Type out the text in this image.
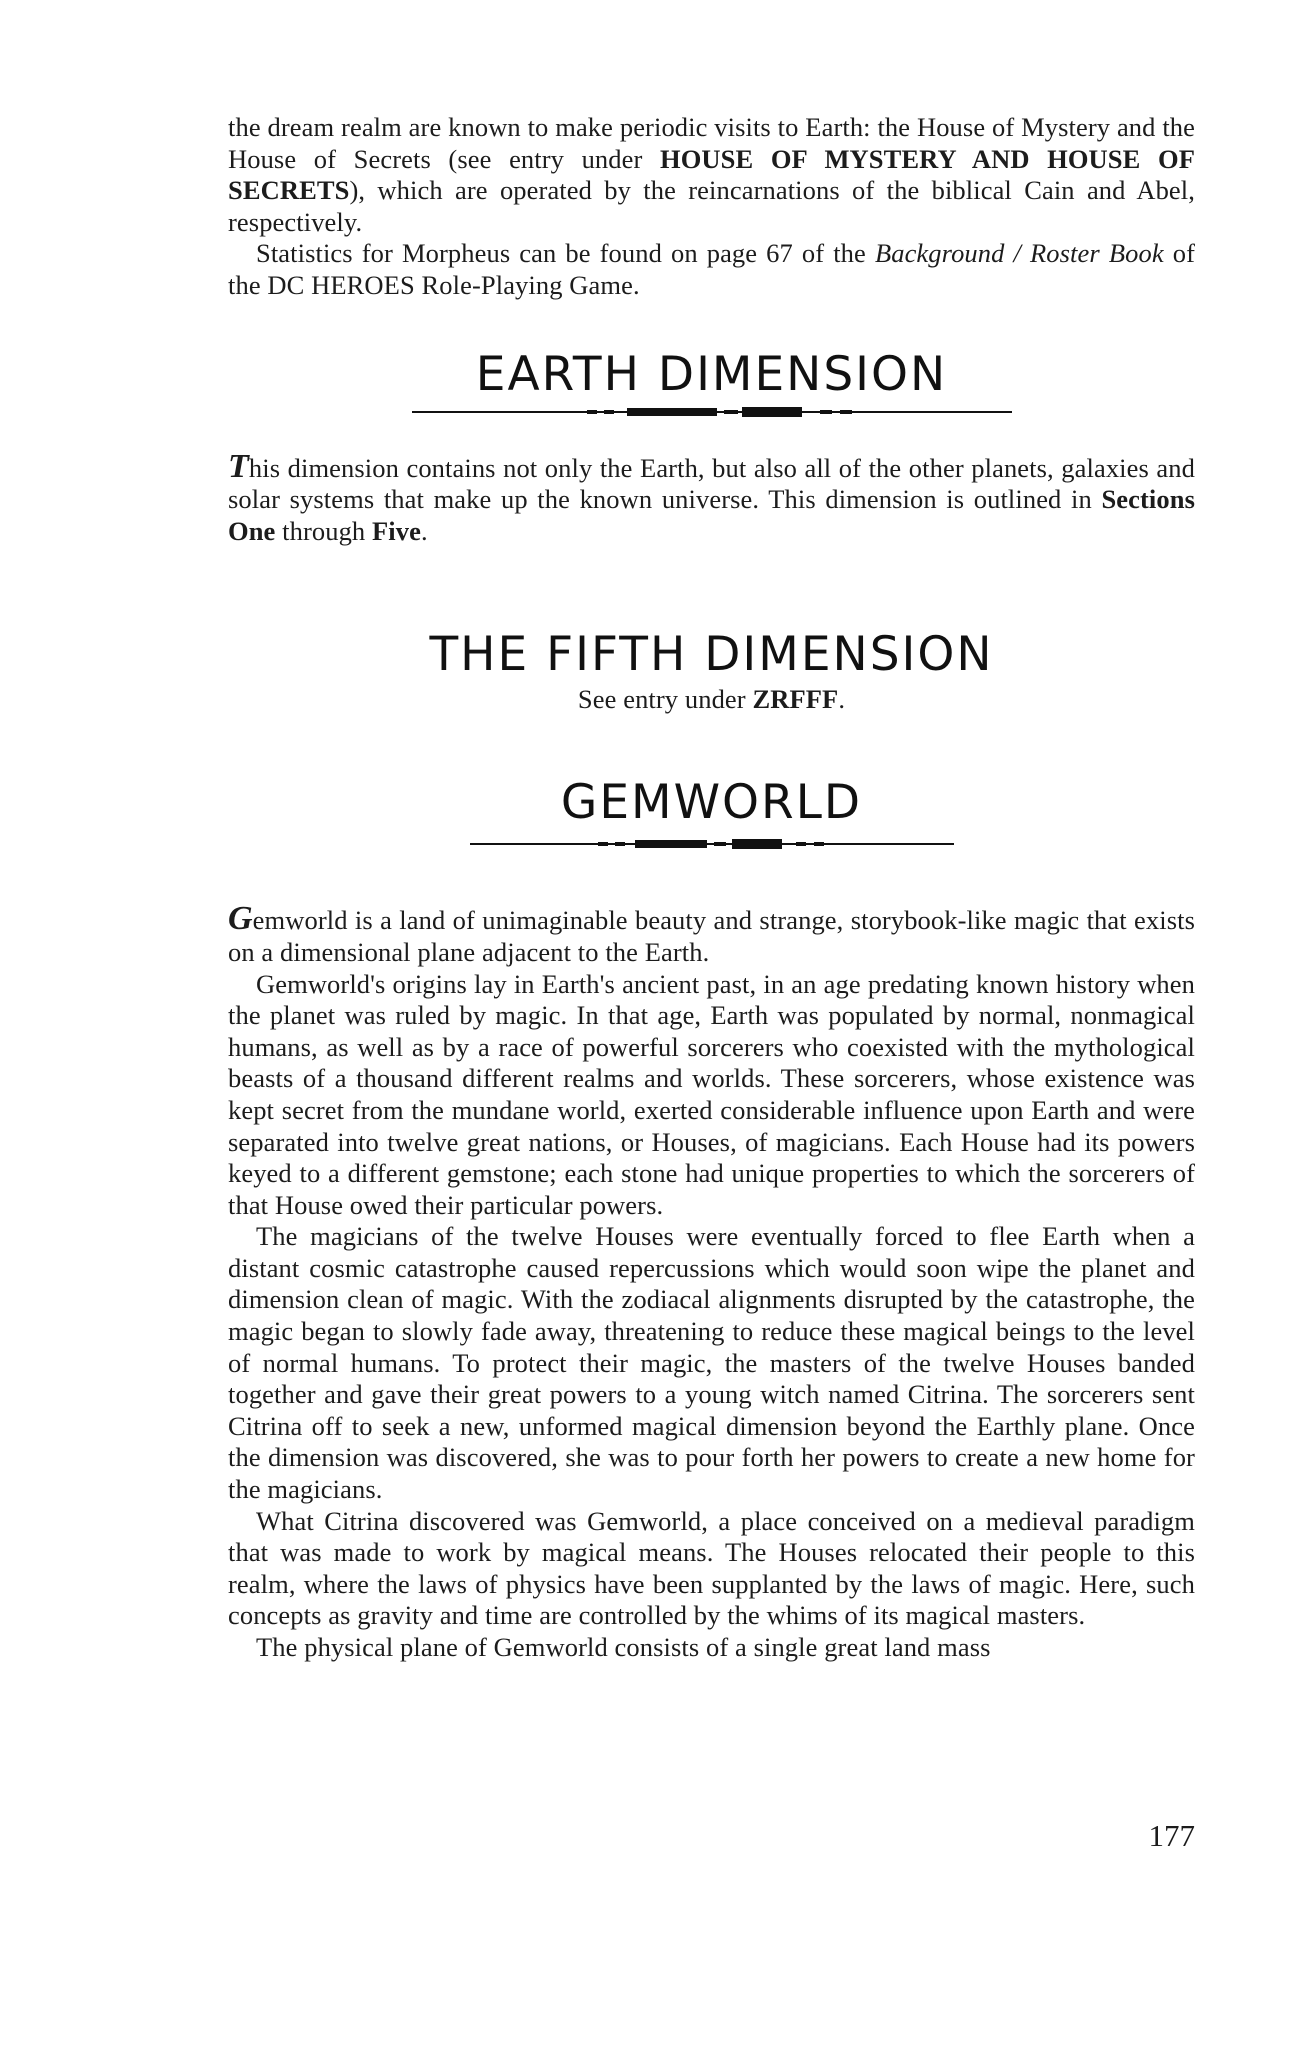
the dream realm are known to make periodic visits to Earth: the House of Mystery and the House of Secrets (see entry under HOUSE OF MYSTERY AND HOUSE OF SECRETS), which are operated by the reincarnations of the biblical Cain and Abel, respectively.

Statistics for Morpheus can be found on page 67 of the Background / Roster Book of the DC HEROES Role-Playing Game.

EARTH DIMENSION

This dimension contains not only the Earth, but also all of the other planets, galaxies and solar systems that make up the known universe. This dimension is outlined in Sections One through Five.

THE FIFTH DIMENSION

See entry under ZRFFF.

GEMWORLD

Gemworld is a land of unimaginable beauty and strange, storybook-like magic that exists on a dimensional plane adjacent to the Earth.

Gemworld's origins lay in Earth's ancient past, in an age predating known history when the planet was ruled by magic. In that age, Earth was populated by normal, nonmagical humans, as well as by a race of powerful sorcerers who coexisted with the mythological beasts of a thousand different realms and worlds. These sorcerers, whose existence was kept secret from the mundane world, exerted considerable influence upon Earth and were separated into twelve great nations, or Houses, of magicians. Each House had its powers keyed to a different gemstone; each stone had unique properties to which the sorcerers of that House owed their particular powers.

The magicians of the twelve Houses were eventually forced to flee Earth when a distant cosmic catastrophe caused repercussions which would soon wipe the planet and dimension clean of magic. With the zodiacal alignments disrupted by the catastrophe, the magic began to slowly fade away, threatening to reduce these magical beings to the level of normal humans. To protect their magic, the masters of the twelve Houses banded together and gave their great powers to a young witch named Citrina. The sorcerers sent Citrina off to seek a new, unformed magical dimension beyond the Earthly plane. Once the dimension was discovered, she was to pour forth her powers to create a new home for the magicians.

What Citrina discovered was Gemworld, a place conceived on a medieval paradigm that was made to work by magical means. The Houses relocated their people to this realm, where the laws of physics have been supplanted by the laws of magic. Here, such concepts as gravity and time are controlled by the whims of its magical masters.

The physical plane of Gemworld consists of a single great land mass

177
